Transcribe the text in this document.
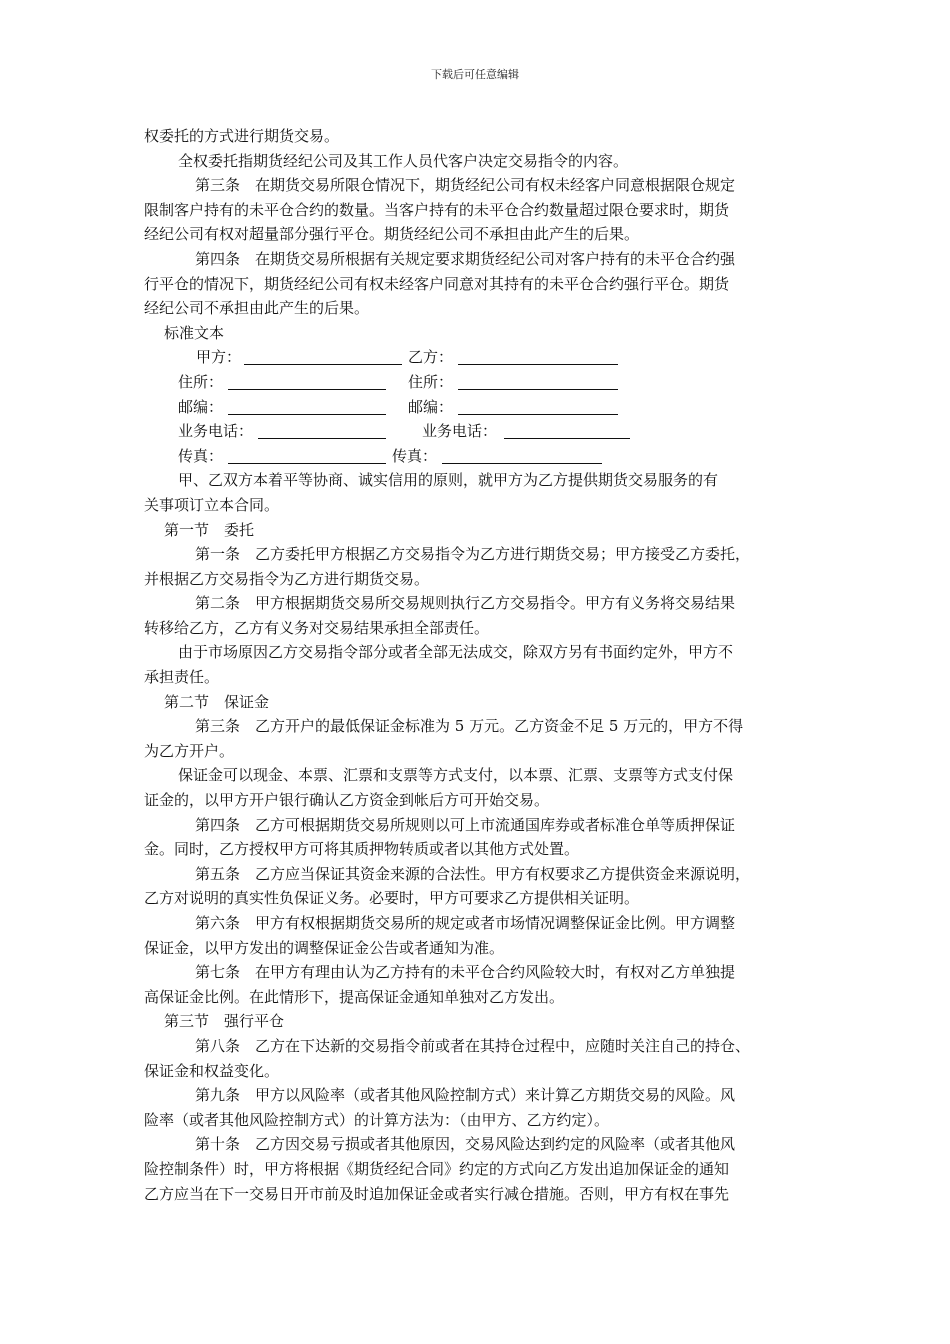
下载后可任意编辑

权委托的方式进行期货交易。

全权委托指期货经纪公司及其工作人员代客户决定交易指令的内容。

第三条　在期货交易所限仓情况下，期货经纪公司有权未经客户同意根据限仓规定

限制客户持有的未平仓合约的数量。当客户持有的未平仓合约数量超过限仓要求时，期货

经纪公司有权对超量部分强行平仓。期货经纪公司不承担由此产生的后果。

第四条　在期货交易所根据有关规定要求期货经纪公司对客户持有的未平仓合约强

行平仓的情况下，期货经纪公司有权未经客户同意对其持有的未平仓合约强行平仓。期货

经纪公司不承担由此产生的后果。

标准文本

甲方：	乙方：
住所：	住所：
邮编：	邮编：
业务电话：	业务电话：
传真：	传真：

甲、乙双方本着平等协商、诚实信用的原则，就甲方为乙方提供期货交易服务的有

关事项订立本合同。

第一节　委托

第一条　乙方委托甲方根据乙方交易指令为乙方进行期货交易；甲方接受乙方委托，

并根据乙方交易指令为乙方进行期货交易。

第二条　甲方根据期货交易所交易规则执行乙方交易指令。甲方有义务将交易结果

转移给乙方，乙方有义务对交易结果承担全部责任。

由于市场原因乙方交易指令部分或者全部无法成交，除双方另有书面约定外，甲方不

承担责任。

第二节　保证金

第三条　乙方开户的最低保证金标准为 5 万元。乙方资金不足 5 万元的，甲方不得

为乙方开户。

保证金可以现金、本票、汇票和支票等方式支付，以本票、汇票、支票等方式支付保

证金的，以甲方开户银行确认乙方资金到帐后方可开始交易。

第四条　乙方可根据期货交易所规则以可上市流通国库券或者标准仓单等质押保证

金。同时，乙方授权甲方可将其质押物转质或者以其他方式处置。

第五条　乙方应当保证其资金来源的合法性。甲方有权要求乙方提供资金来源说明，

乙方对说明的真实性负保证义务。必要时，甲方可要求乙方提供相关证明。

第六条　甲方有权根据期货交易所的规定或者市场情况调整保证金比例。甲方调整

保证金，以甲方发出的调整保证金公告或者通知为准。

第七条　在甲方有理由认为乙方持有的未平仓合约风险较大时，有权对乙方单独提

高保证金比例。在此情形下，提高保证金通知单独对乙方发出。

第三节　强行平仓

第八条　乙方在下达新的交易指令前或者在其持仓过程中，应随时关注自己的持仓、

保证金和权益变化。

第九条　甲方以风险率（或者其他风险控制方式）来计算乙方期货交易的风险。风

险率（或者其他风险控制方式）的计算方法为：（由甲方、乙方约定）。

第十条　乙方因交易亏损或者其他原因，交易风险达到约定的风险率（或者其他风

险控制条件）时，甲方将根据《期货经纪合同》约定的方式向乙方发出追加保证金的通知

乙方应当在下一交易日开市前及时追加保证金或者实行减仓措施。否则，甲方有权在事先
